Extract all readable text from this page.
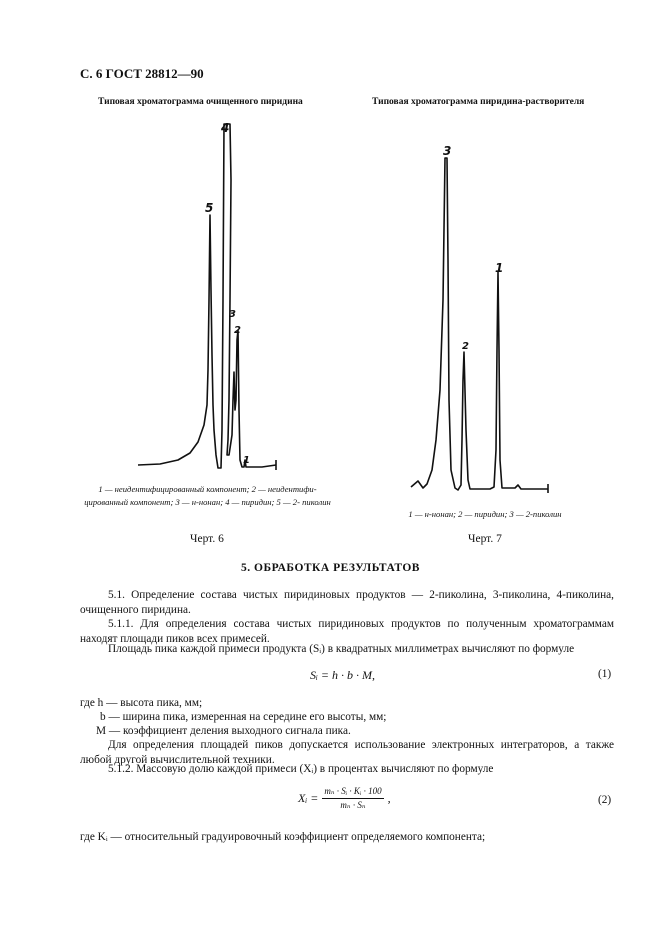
С. 6 ГОСТ 28812—90
Типовая хроматограмма очищенного пиридина
4
5
3
2
1
3
1
2
1 — неидентифицированный компонент; 2 — неидентифи- цированный компонент; 3 — н-нонан; 4 — пиридин; 5 — 2- пиколин
Черт. 6
Типовая хроматограмма пиридина-растворителя
1 — н-нонан; 2 — пиридин; 3 — 2-пиколин
Черт. 7
5. ОБРАБОТКА РЕЗУЛЬТАТОВ
5.1. Определение состава чистых пиридиновых продуктов — 2-пиколина, 3-пиколина, 4-пиколина, очищенного пиридина.
5.1.1. Для определения состава чистых пиридиновых продуктов по полученным хроматограммам находят площади пиков всех примесей.
Площадь пика каждой примеси продукта (Sᵢ) в квадратных миллиметрах вычисляют по формуле
Sᵢ = h · b · M,	(1)
где h — высота пика, мм;
b — ширина пика, измеренная на середине его высоты, мм;
M — коэффициент деления выходного сигнала пика.
Для определения площадей пиков допускается использование электронных интеграторов, а также любой другой вычислительной техники.
5.1.2. Массовую долю каждой примеси (Xᵢ) в процентах вычисляют по формуле
Xᵢ = $\frac{\text{mₙ · Sᵢ · Kᵢ · 100}}{\text{mₙ · Sₙ}}$ ,	(2)
где Kᵢ — относительный градуировочный коэффициент определяемого компонента;
